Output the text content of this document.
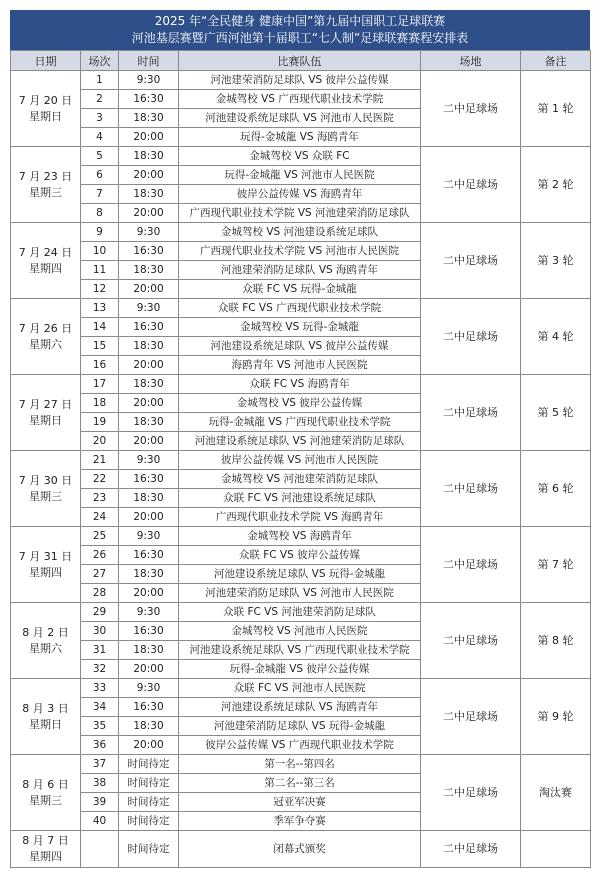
2025 年“全民健身 健康中国”第九届中国职工足球联赛
河池基层赛暨广西河池第十届职工“七人制”足球联赛赛程安排表
日期	场次	时间	比赛队伍	场地	备注

7 月 20 日
星期日	1	9:30	河池建荣消防足球队 VS 彼岸公益传媒	二中足球场	第 1 轮
	2	16:30	金城驾校 VS 广西现代职业技术学院		
	3	18:30	河池建设系统足球队 VS 河池市人民医院		
	4	20:00	玩得-金城龍 VS 海鸥青年		

7 月 23 日
星期三	5	18:30	金城驾校 VS 众联 FC	二中足球场	第 2 轮
	6	20:00	玩得-金城龍 VS 河池市人民医院		
	7	18:30	彼岸公益传媒 VS 海鸥青年		
	8	20:00	广西现代职业技术学院 VS 河池建荣消防足球队		

7 月 24 日
星期四	9	9:30	金城驾校 VS 河池建设系统足球队	二中足球场	第 3 轮
	10	16:30	广西现代职业技术学院 VS 河池市人民医院		
	11	18:30	河池建荣消防足球队 VS 海鸥青年		
	12	20:00	众联 FC VS 玩得-金城龍		

7 月 26 日
星期六	13	9:30	众联 FC VS 广西现代职业技术学院	二中足球场	第 4 轮
	14	16:30	金城驾校 VS 玩得-金城龍		
	15	18:30	河池建设系统足球队 VS 彼岸公益传媒		
	16	20:00	海鸥青年 VS 河池市人民医院		

7 月 27 日
星期日	17	18:30	众联 FC VS 海鸥青年	二中足球场	第 5 轮
	18	20:00	金城驾校 VS 彼岸公益传媒		
	19	18:30	玩得-金城龍 VS 广西现代职业技术学院		
	20	20:00	河池建设系统足球队 VS 河池建荣消防足球队		

7 月 30 日
星期三	21	9:30	彼岸公益传媒 VS 河池市人民医院	二中足球场	第 6 轮
	22	16:30	金城驾校 VS 河池建荣消防足球队		
	23	18:30	众联 FC VS 河池建设系统足球队		
	24	20:00	广西现代职业技术学院 VS 海鸥青年		

7 月 31 日
星期四	25	9:30	金城驾校 VS 海鸥青年	二中足球场	第 7 轮
	26	16:30	众联 FC VS 彼岸公益传媒		
	27	18:30	河池建设系统足球队 VS 玩得-金城龍		
	28	20:00	河池建荣消防足球队 VS 河池市人民医院		

8 月 2 日
星期六	29	9:30	众联 FC VS 河池建荣消防足球队	二中足球场	第 8 轮
	30	16:30	金城驾校 VS 河池市人民医院		
	31	18:30	河池建设系统足球队 VS 广西现代职业技术学院		
	32	20:00	玩得-金城龍 VS 彼岸公益传媒		

8 月 3 日
星期日	33	9:30	众联 FC VS 河池市人民医院	二中足球场	第 9 轮
	34	16:30	河池建设系统足球队 VS 海鸥青年		
	35	18:30	河池建荣消防足球队 VS 玩得-金城龍		
	36	20:00	彼岸公益传媒 VS 广西现代职业技术学院		

8 月 6 日
星期三	37	时间待定	第一名--第四名	二中足球场	淘汰赛
	38	时间待定	第二名--第三名		
	39	时间待定	冠亚军决赛		
	40	时间待定	季军争夺赛		

8 月 7 日
星期四		时间待定	闭幕式颁奖	二中足球场	
